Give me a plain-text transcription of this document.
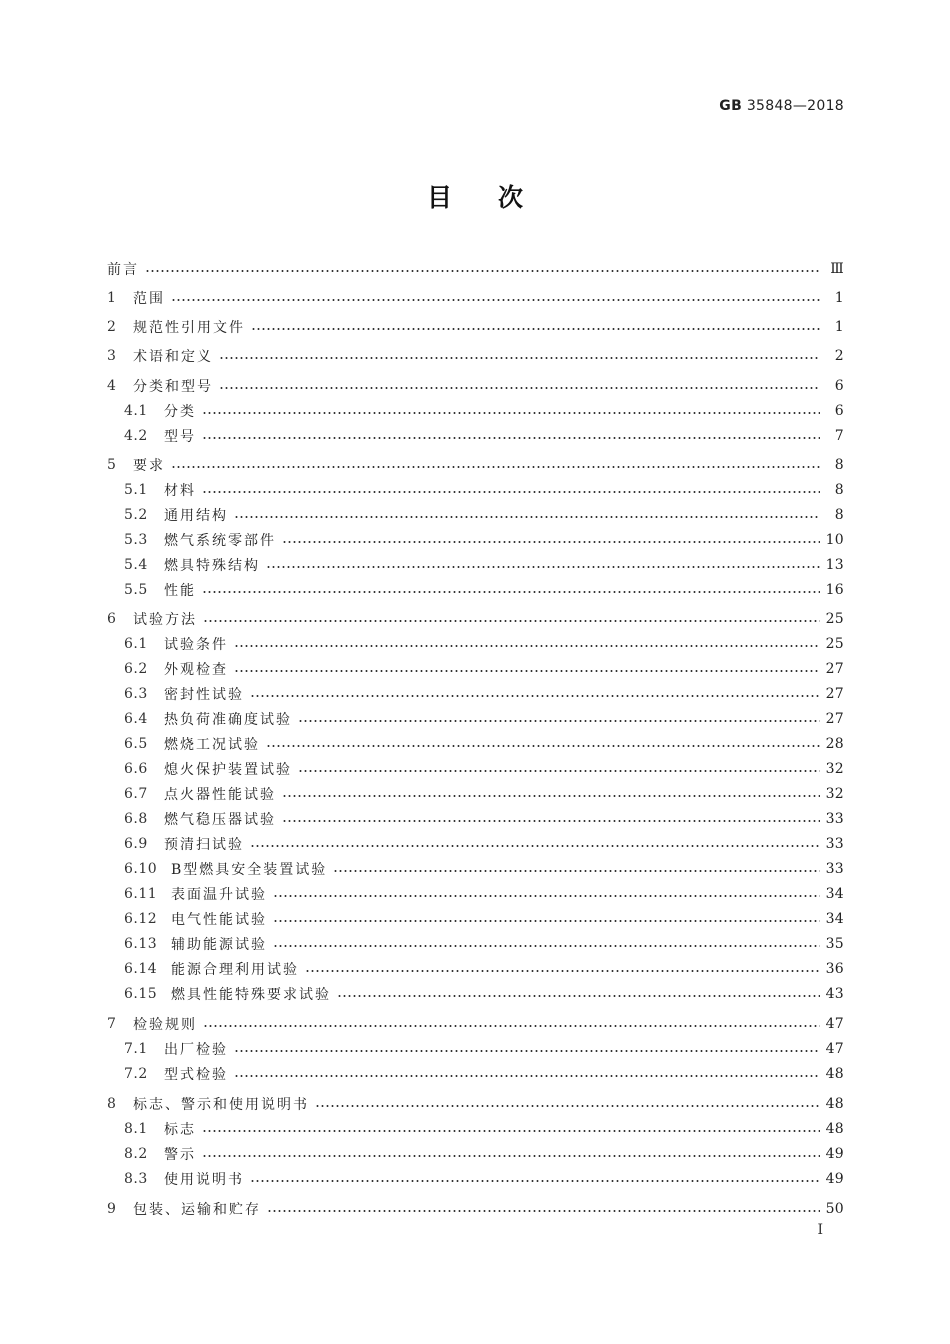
GB 35848—2018
目次
前言	Ⅲ
1	范围	1
2	规范性引用文件	1
3	术语和定义	2
4	分类和型号	6
4.1	分类	6
4.2	型号	7
5	要求	8
5.1	材料	8
5.2	通用结构	8
5.3	燃气系统零部件	10
5.4	燃具特殊结构	13
5.5	性能	16
6	试验方法	25
6.1	试验条件	25
6.2	外观检查	27
6.3	密封性试验	27
6.4	热负荷准确度试验	27
6.5	燃烧工况试验	28
6.6	熄火保护装置试验	32
6.7	点火器性能试验	32
6.8	燃气稳压器试验	33
6.9	预清扫试验	33
6.10 B型燃具安全装置试验	33
6.11 表面温升试验	34
6.12 电气性能试验	34
6.13 辅助能源试验	35
6.14 能源合理利用试验	36
6.15 燃具性能特殊要求试验	43
7	检验规则	47
7.1	出厂检验	47
7.2	型式检验	48
8	标志、警示和使用说明书	48
8.1	标志	48
8.2	警示	49
8.3	使用说明书	49
9	包装、运输和贮存	50
I
